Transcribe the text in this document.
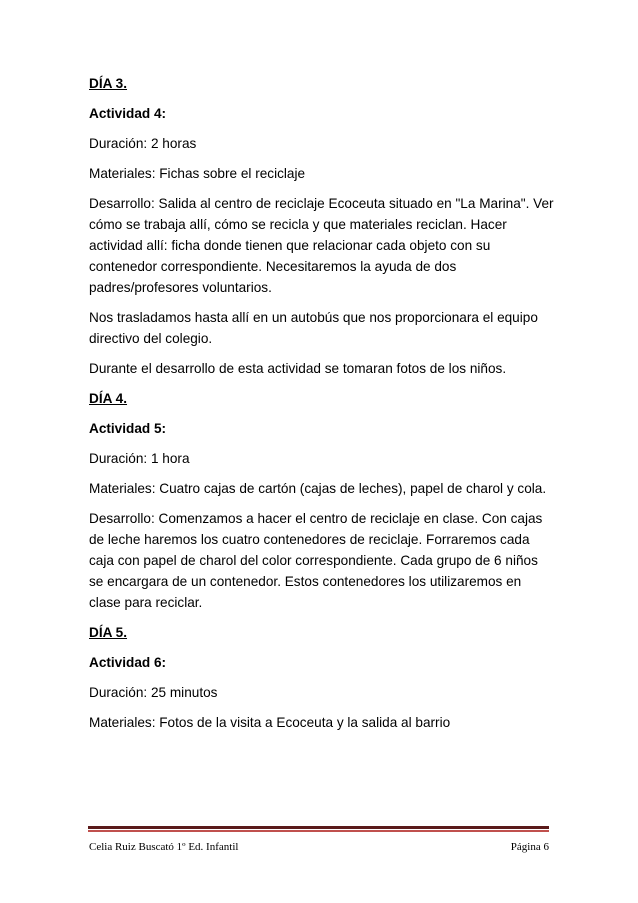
DÍA 3.

Actividad 4:

Duración: 2 horas

Materiales: Fichas sobre el reciclaje

Desarrollo: Salida al centro de reciclaje Ecoceuta situado en "La Marina". Ver cómo se trabaja allí, cómo se recicla y que materiales reciclan. Hacer actividad allí: ficha donde tienen que relacionar cada objeto con su contenedor correspondiente. Necesitaremos la ayuda de dos padres/profesores voluntarios.

Nos trasladamos hasta allí en un autobús que nos proporcionara el equipo directivo del colegio.

Durante el desarrollo de esta actividad se tomaran fotos de los niños.

DÍA 4.

Actividad 5:

Duración: 1 hora

Materiales: Cuatro cajas de cartón (cajas de leches), papel de charol y cola.

Desarrollo: Comenzamos a hacer el centro de reciclaje en clase. Con cajas de leche haremos los cuatro contenedores de reciclaje. Forraremos cada caja con papel de charol del color correspondiente. Cada grupo de 6 niños se encargara de un contenedor. Estos contenedores los utilizaremos en clase para reciclar.

DÍA 5.

Actividad 6:

Duración: 25 minutos

Materiales: Fotos de la visita a Ecoceuta y la salida al barrio

Celia Ruiz Buscató 1º Ed. Infantil	Página 6
